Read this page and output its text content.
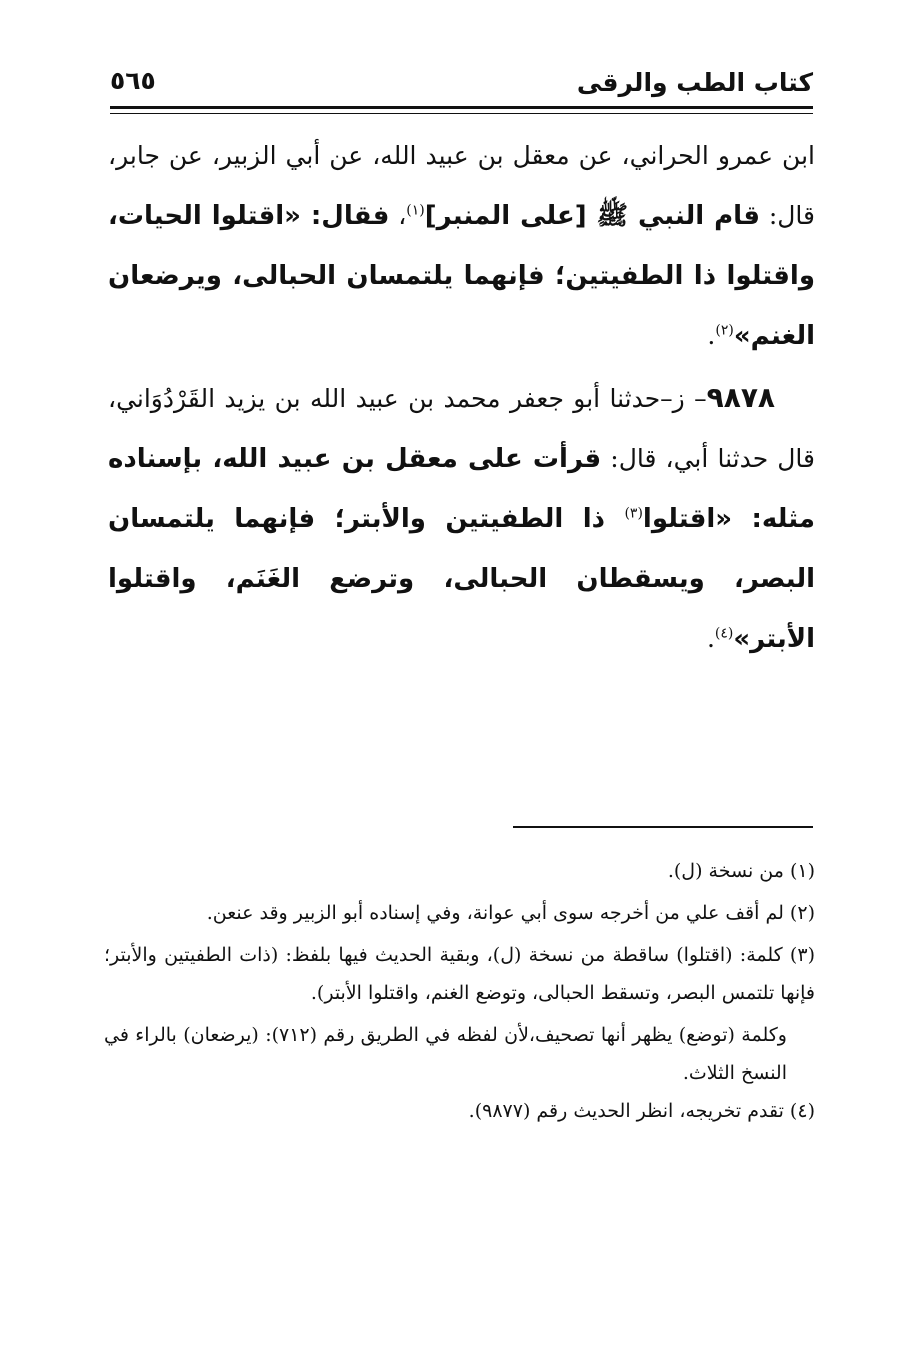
كتاب الطب والرقى
٥٦٥

ابن عمرو الحراني، عن معقل بن عبيد الله، عن أبي الزبير، عن جابر، قال: قام النبي ﷺ [على المنبر]$^{(١)}$، فقال: «اقتلوا الحيات، واقتلوا ذا الطفيتين؛ فإنهما يلتمسان الحبالى، ويرضعان الغنم»$^{(٢)}$.

٩٨٧٨– ز–حدثنا أبو جعفر محمد بن عبيد الله بن يزيد القَرْدُوَاني، قال حدثنا أبي، قال: قرأت على معقل بن عبيد الله، بإسناده مثله: «اقتلوا$^{(٣)}$ ذا الطفيتين والأبتر؛ فإنهما يلتمسان البصر، ويسقطان الحبالى، وترضع الغَنَم، واقتلوا الأبتر»$^{(٤)}$.

(١) من نسخة (ل).

(٢) لم أقف علي من أخرجه سوى أبي عوانة، وفي إسناده أبو الزبير وقد عنعن.

(٣) كلمة: (اقتلوا) ساقطة من نسخة (ل)، وبقية الحديث فيها بلفظ: (ذات الطفيتين والأبتر؛ فإنها تلتمس البصر، وتسقط الحبالى، وتوضع الغنم، واقتلوا الأبتر).

وكلمة (توضع) يظهر أنها تصحيف،لأن لفظه في الطريق رقم (٧١٢): (يرضعان) بالراء في النسخ الثلاث.

(٤) تقدم تخريجه، انظر الحديث رقم (٩٨٧٧).
